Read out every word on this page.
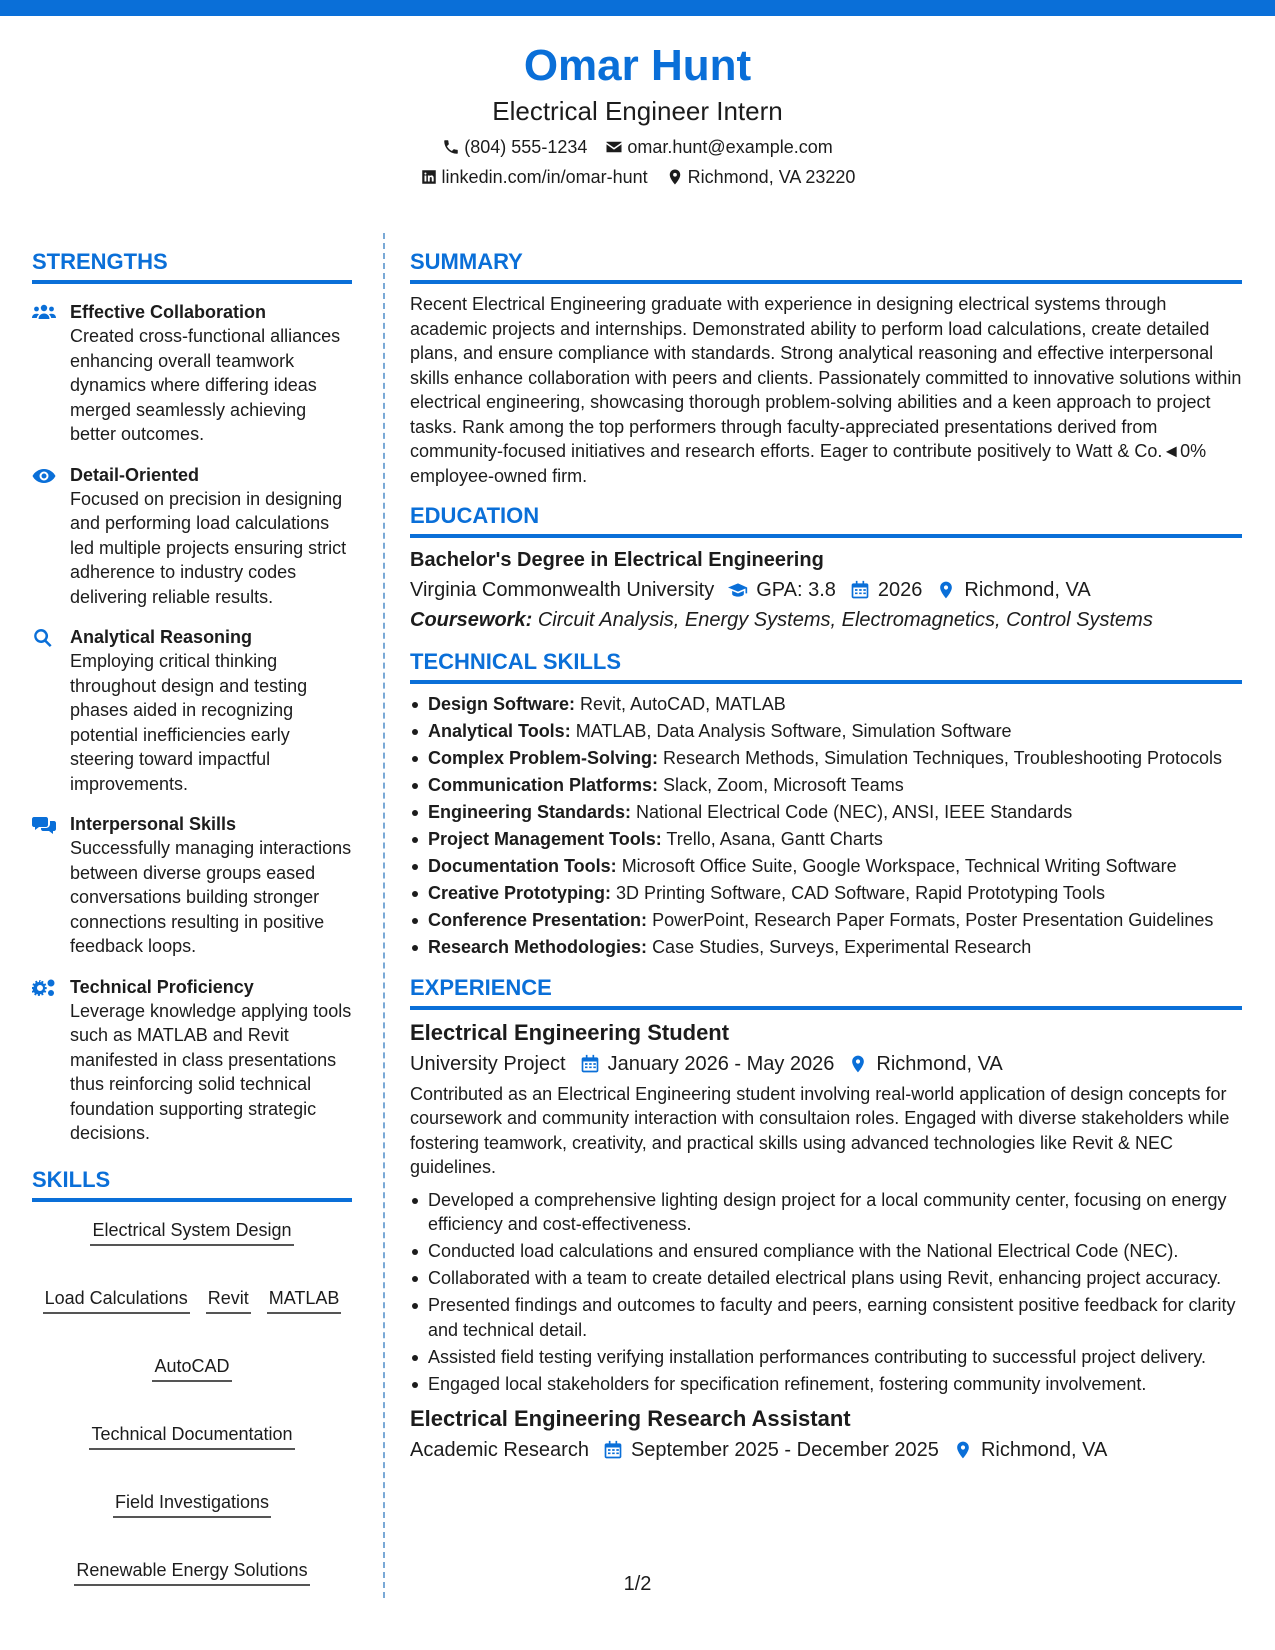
Omar Hunt
Electrical Engineer Intern
(804) 555-1234 omar.hunt@example.com
linkedin.com/in/omar-hunt Richmond, VA 23220
STRENGTHS
Effective Collaboration
Created cross-functional alliances enhancing overall teamwork dynamics where differing ideas merged seamlessly achieving better outcomes.
Detail-Oriented
Focused on precision in designing and performing load calculations led multiple projects ensuring strict adherence to industry codes delivering reliable results.
Analytical Reasoning
Employing critical thinking throughout design and testing phases aided in recognizing potential inefficiencies early steering toward impactful improvements.
Interpersonal Skills
Successfully managing interactions between diverse groups eased conversations building stronger connections resulting in positive feedback loops.
Technical Proficiency
Leverage knowledge applying tools such as MATLAB and Revit manifested in class presentations thus reinforcing solid technical foundation supporting strategic decisions.
SKILLS
Electrical System Design
Load Calculations Revit MATLAB
AutoCAD
Technical Documentation
Field Investigations
Renewable Energy Solutions
SUMMARY
Recent Electrical Engineering graduate with experience in designing electrical systems through academic projects and internships. Demonstrated ability to perform load calculations, create detailed plans, and ensure compliance with standards. Strong analytical reasoning and effective interpersonal skills enhance collaboration with peers and clients. Passionately committed to innovative solutions within electrical engineering, showcasing thorough problem-solving abilities and a keen approach to project tasks. Rank among the top performers through faculty-appreciated presentations derived from community-focused initiatives and research efforts. Eager to contribute positively to Watt & Co.◄0% employee-owned firm.
EDUCATION
Bachelor's Degree in Electrical Engineering
Virginia Commonwealth University GPA: 3.8 2026 Richmond, VA
Coursework: Circuit Analysis, Energy Systems, Electromagnetics, Control Systems
TECHNICAL SKILLS
Design Software: Revit, AutoCAD, MATLAB
Analytical Tools: MATLAB, Data Analysis Software, Simulation Software
Complex Problem-Solving: Research Methods, Simulation Techniques, Troubleshooting Protocols
Communication Platforms: Slack, Zoom, Microsoft Teams
Engineering Standards: National Electrical Code (NEC), ANSI, IEEE Standards
Project Management Tools: Trello, Asana, Gantt Charts
Documentation Tools: Microsoft Office Suite, Google Workspace, Technical Writing Software
Creative Prototyping: 3D Printing Software, CAD Software, Rapid Prototyping Tools
Conference Presentation: PowerPoint, Research Paper Formats, Poster Presentation Guidelines
Research Methodologies: Case Studies, Surveys, Experimental Research
EXPERIENCE
Electrical Engineering Student
University Project January 2026 - May 2026 Richmond, VA
Contributed as an Electrical Engineering student involving real-world application of design concepts for coursework and community interaction with consultaion roles. Engaged with diverse stakeholders while fostering teamwork, creativity, and practical skills using advanced technologies like Revit & NEC guidelines.
Developed a comprehensive lighting design project for a local community center, focusing on energy efficiency and cost-effectiveness.
Conducted load calculations and ensured compliance with the National Electrical Code (NEC).
Collaborated with a team to create detailed electrical plans using Revit, enhancing project accuracy.
Presented findings and outcomes to faculty and peers, earning consistent positive feedback for clarity and technical detail.
Assisted field testing verifying installation performances contributing to successful project delivery.
Engaged local stakeholders for specification refinement, fostering community involvement.
Electrical Engineering Research Assistant
Academic Research September 2025 - December 2025 Richmond, VA
1/2
